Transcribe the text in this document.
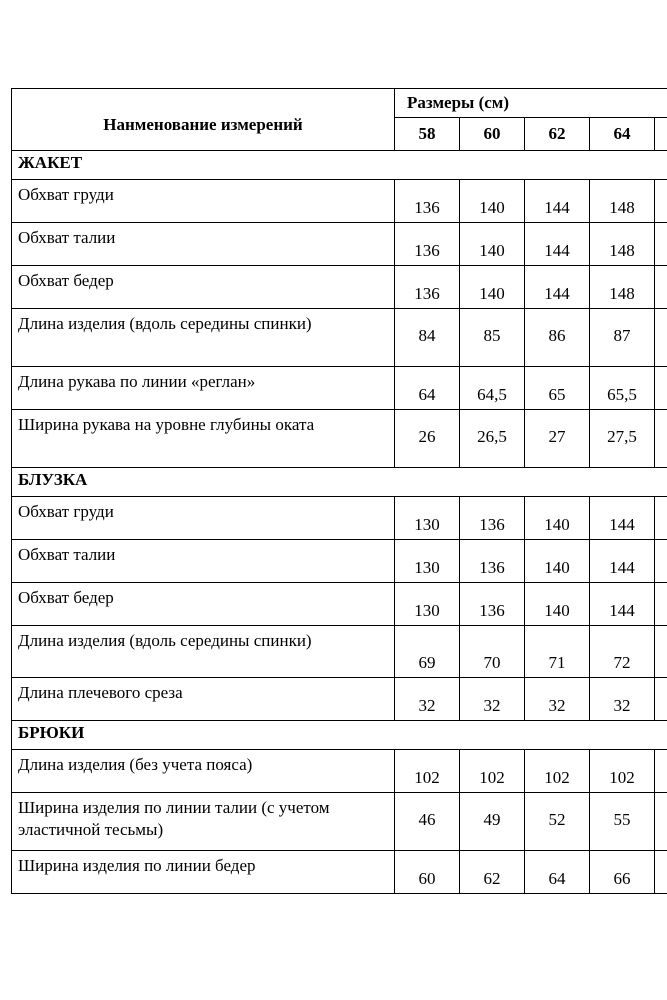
Нанменование измерений	Размеры (см)				
	58	60	62	64	
ЖАКЕТ					
Обхват груди	136	140	144	148	
Обхват талии	136	140	144	148	
Обхват бедер	136	140	144	148	
Длина изделия (вдоль середины спинки)	84	85	86	87	
Длина рукава по линии «реглан»	64	64,5	65	65,5	
Ширина рукава на уровне глубины оката	26	26,5	27	27,5	
БЛУЗКА					
Обхват груди	130	136	140	144	
Обхват талии	130	136	140	144	
Обхват бедер	130	136	140	144	
Длина изделия (вдоль середины спинки)	69	70	71	72	
Длина плечевого среза	32	32	32	32	
БРЮКИ					
Длина изделия (без учета пояса)	102	102	102	102	
Ширина изделия по линии талии (с учетом эластичной тесьмы)	46	49	52	55	
Ширина изделия по линии бедер	60	62	64	66	
